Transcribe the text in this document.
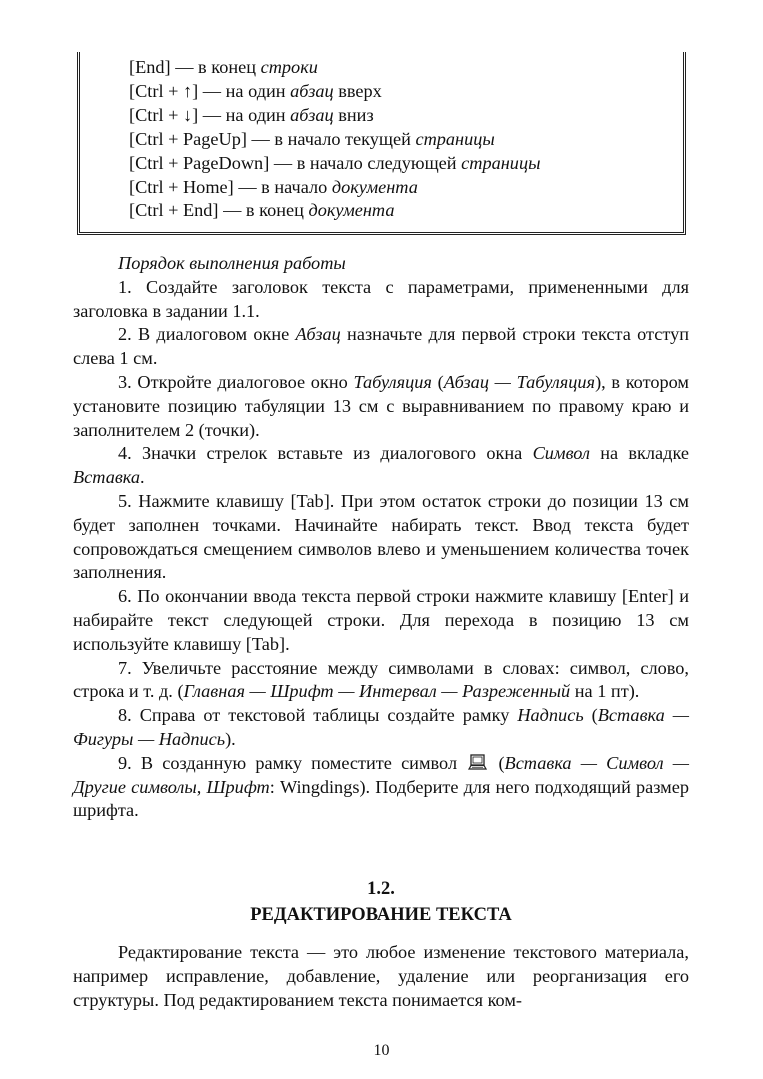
[End] — в конец строки
[Ctrl + ↑] — на один абзац вверх
[Ctrl + ↓] — на один абзац вниз
[Ctrl + PageUp] — в начало текущей страницы
[Ctrl + PageDown] — в начало следующей страницы
[Ctrl + Home] — в начало документа
[Ctrl + End] — в конец документа

Порядок выполнения работы

1. Создайте заголовок текста с параметрами, примененными для заголовка в задании 1.1.

2. В диалоговом окне Абзац назначьте для первой строки текста отступ слева 1 см.

3. Откройте диалоговое окно Табуляция (Абзац — Табуляция), в котором установите позицию табуляции 13 см с выравниванием по правому краю и заполнителем 2 (точки).

4. Значки стрелок вставьте из диалогового окна Символ на вкладке Вставка.

5. Нажмите клавишу [Tab]. При этом остаток строки до позиции 13 см будет заполнен точками. Начинайте набирать текст. Ввод текста будет сопровождаться смещением символов влево и уменьшением количества точек заполнения.

6. По окончании ввода текста первой строки нажмите клавишу [Enter] и набирайте текст следующей строки. Для перехода в позицию 13 см используйте клавишу [Tab].

7. Увеличьте расстояние между символами в словах: символ, слово, строка и т. д. (Главная — Шрифт — Интервал — Разреженный на 1 пт).

8. Справа от текстовой таблицы создайте рамку Надпись (Вставка — Фигуры — Надпись).

9. В созданную рамку поместите символ  (Вставка — Символ — Другие символы, Шрифт: Wingdings). Подберите для него подходящий размер шрифта.

1.2.
РЕДАКТИРОВАНИЕ ТЕКСТА

Редактирование текста — это любое изменение текстового материала, например исправление, добавление, удаление или реорганизация его структуры. Под редактированием текста понимается ком-

10
